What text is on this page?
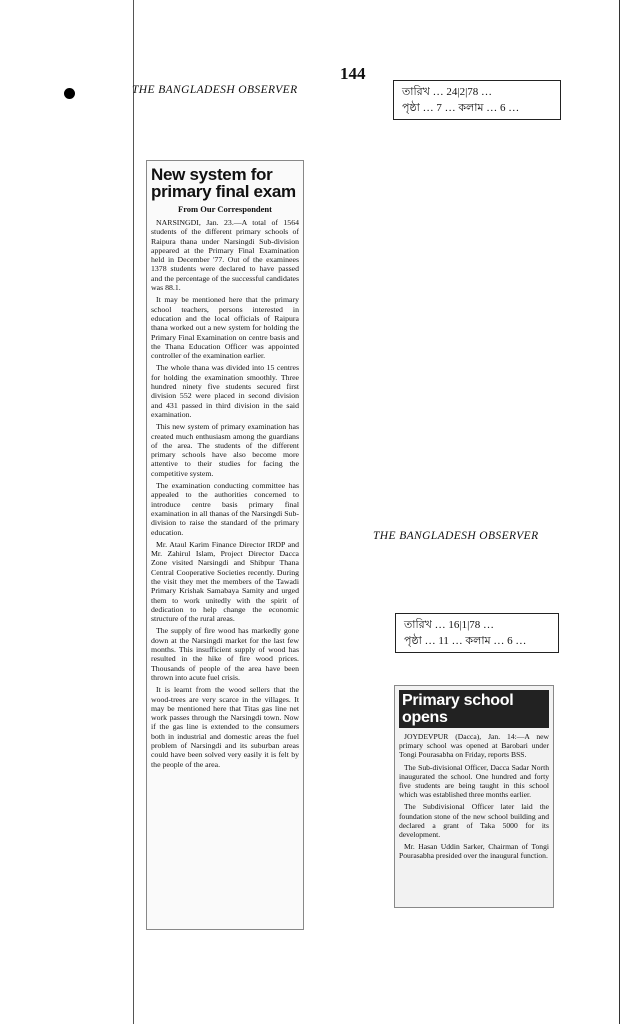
144
THE BANGLADESH OBSERVER	তারিখ … 24|2|78 …
পৃষ্ঠা … 7 … কলাম … 6 …
New system for primary final exam
From Our Correspondent

NARSINGDI, Jan. 23.—A total of 1564 students of the different primary schools of Raipura thana under Narsingdi Sub-division appeared at the Primary Final Examination held in December '77. Out of the examinees 1378 students were declared to have passed and the percentage of the successful candidates was 88.1.

It may be mentioned here that the primary school teachers, persons interested in education and the local officials of Raipura thana worked out a new system for holding the Primary Final Examination on centre basis and the Thana Education Officer was appointed controller of the examination earlier.

The whole thana was divided into 15 centres for holding the examination smoothly. Three hundred ninety five students secured first division 552 were placed in second division and 431 passed in third division in the said examination.

This new system of primary examination has created much enthusiasm among the guardians of the area. The students of the different primary schools have also become more attentive to their studies for facing the competitive system.

The examination conducting committee has appealed to the authorities concerned to introduce centre basis primary final examination in all thanas of the Narsingdi Sub-division to raise the standard of the primary education.

Mr. Ataul Karim Finance Director IRDP and Mr. Zahirul Islam, Project Director Dacca Zone visited Narsingdi and Shibpur Thana Central Cooperative Societies recently. During the visit they met the members of the Tawadi Primary Krishak Samabaya Samity and urged them to work unitedly with the spirit of dedication to help change the economic structure of the rural areas.

The supply of fire wood has markedly gone down at the Narsingdi market for the last few months. This insufficient supply of wood has resulted in the hike of fire wood prices. Thousands of people of the area have been thrown into acute fuel crisis.

It is learnt from the wood sellers that the wood-trees are very scarce in the villages. It may be mentioned here that Titas gas line net work passes through the Narsingdi town. Now if the gas line is extended to the consumers both in industrial and domestic areas the fuel problem of Narsingdi and its suburban areas could have been solved very easily it is felt by the people of the area.

THE BANGLADESH OBSERVER
তারিখ … 16|1|78 …
পৃষ্ঠা … 11 … কলাম … 6 …
Primary school opens

JOYDEVPUR (Dacca), Jan. 14:—A new primary school was opened at Barobari under Tongi Pourasabha on Friday, reports BSS.

The Sub-divisional Officer, Dacca Sadar North inaugurated the school. One hundred and forty five students are being taught in this school which was established three months earlier.

The Subdivisional Officer later laid the foundation stone of the new school building and declared a grant of Taka 5000 for its development.

Mr. Hasan Uddin Sarker, Chairman of Tongi Pourasabha presided over the inaugural function.
